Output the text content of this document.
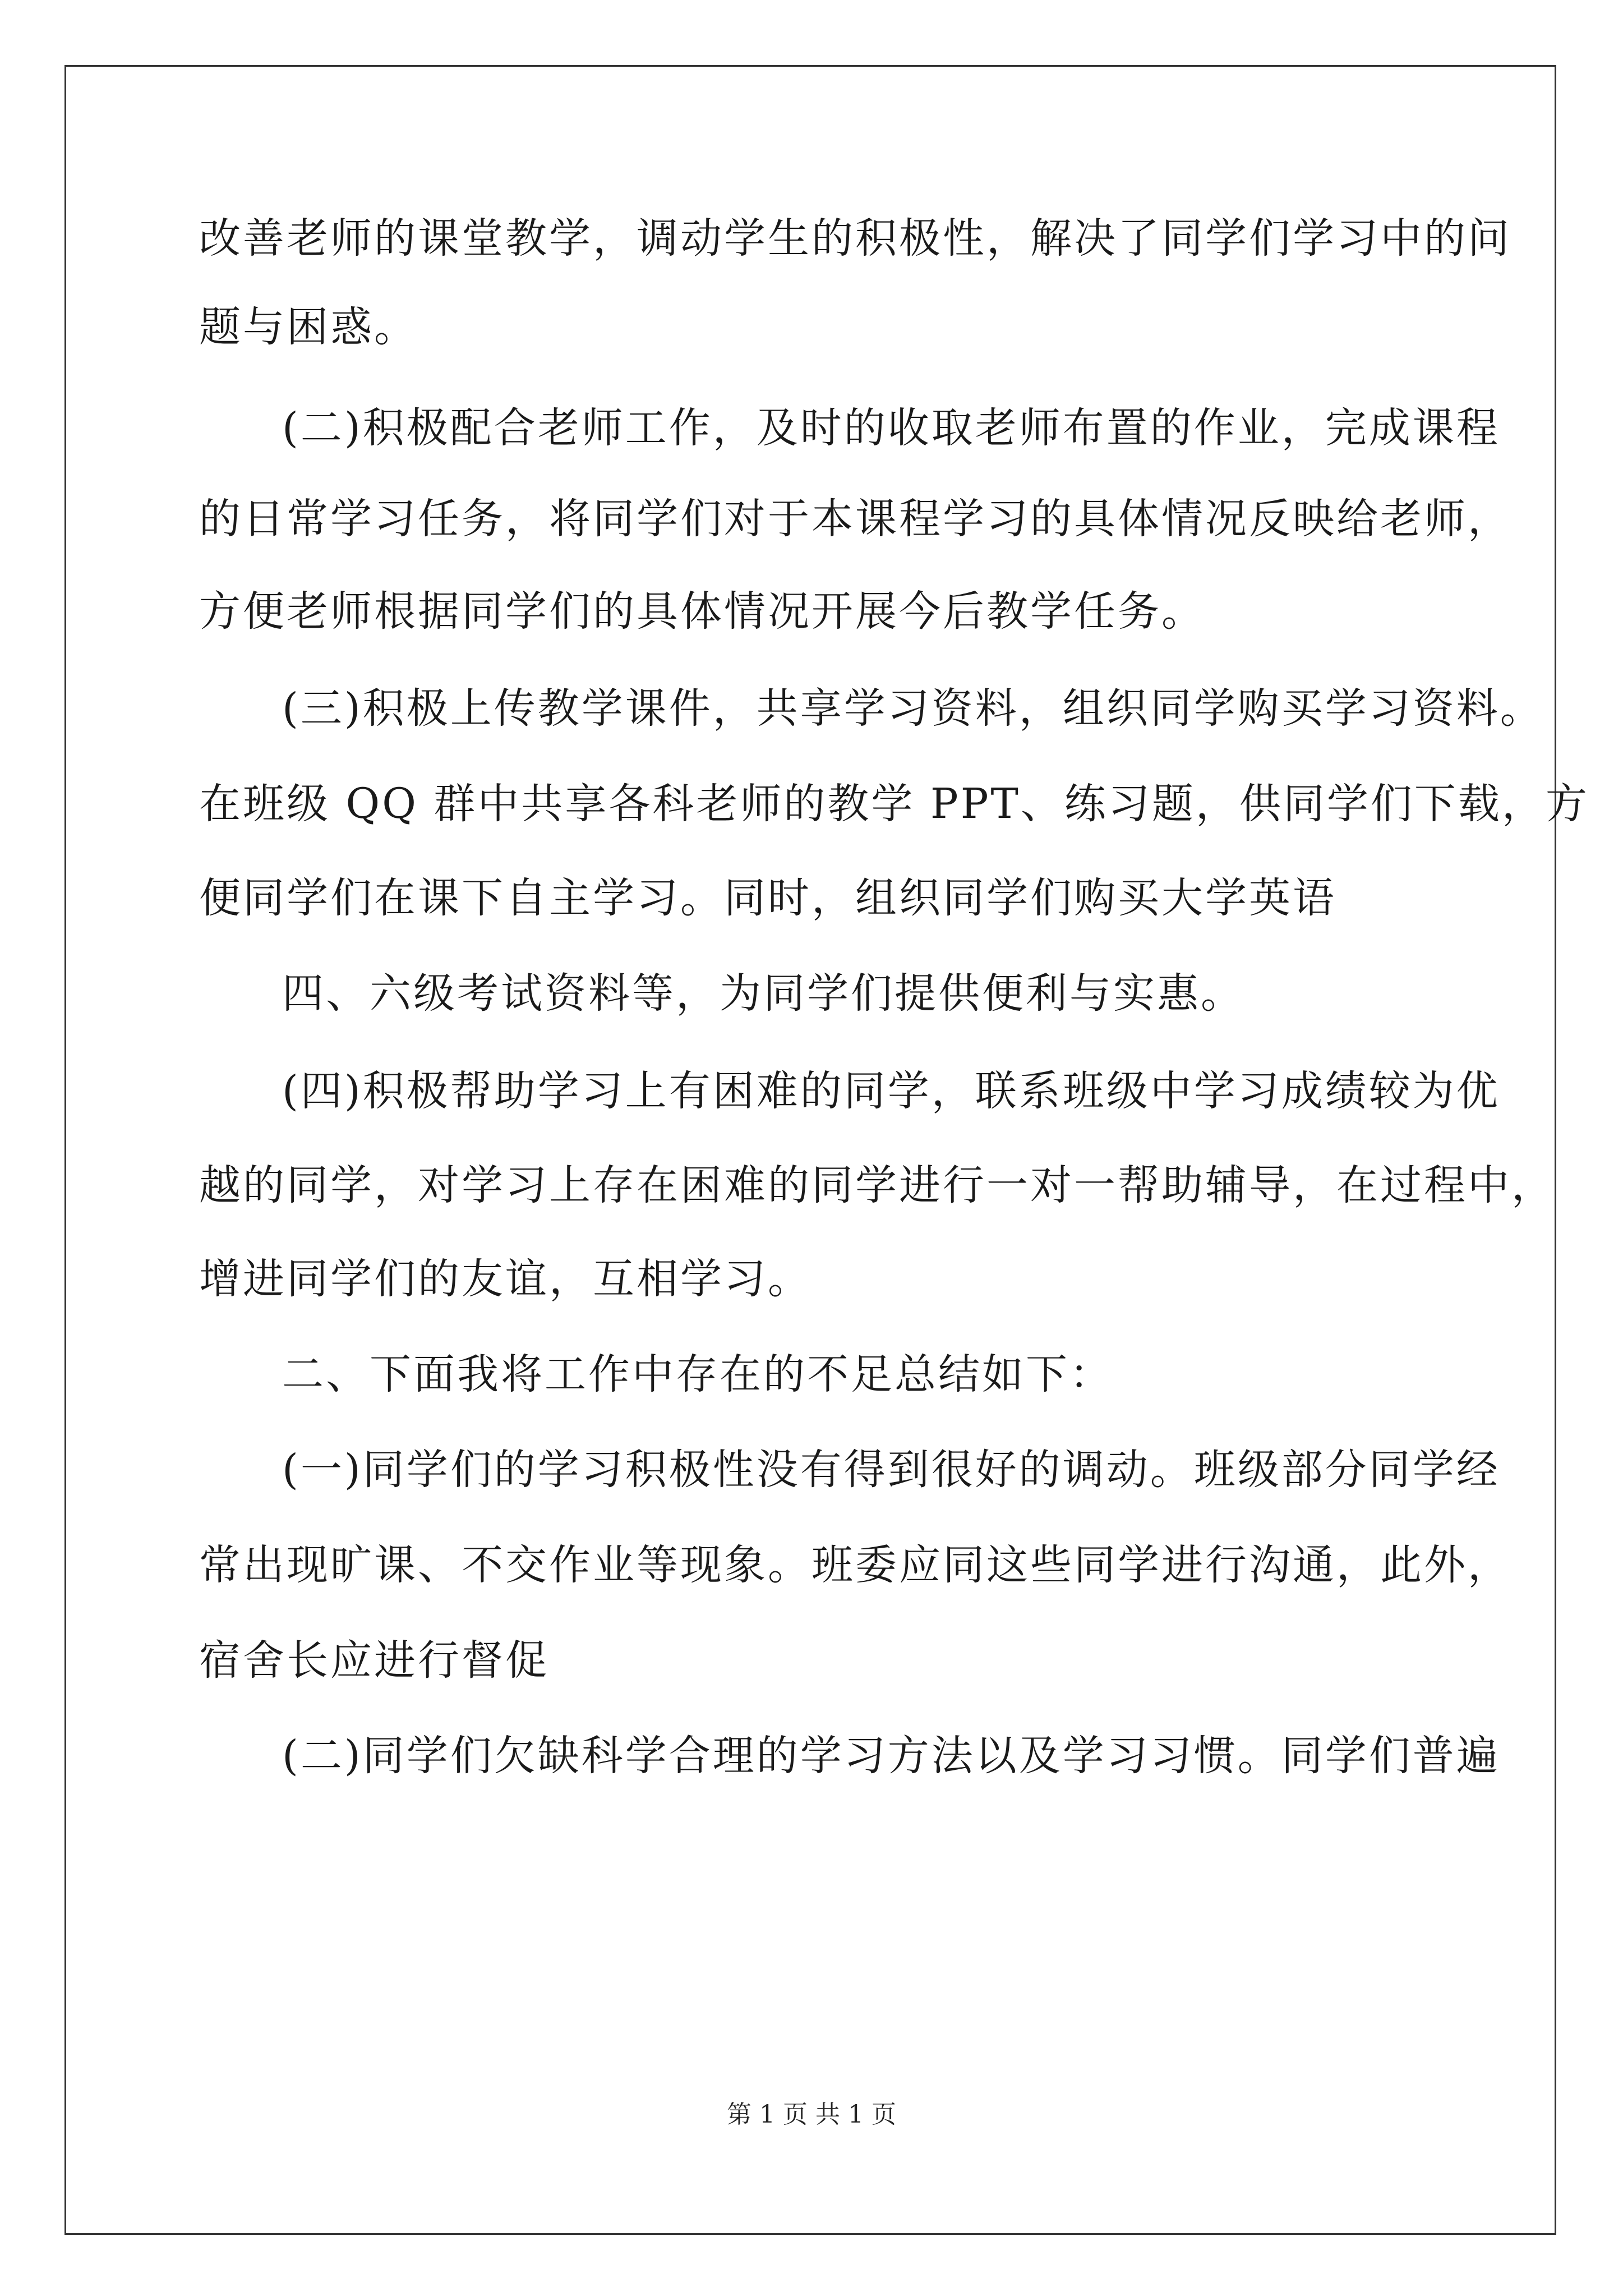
改善老师的课堂教学，调动学生的积极性，解决了同学们学习中的问
题与困惑。
(二)积极配合老师工作，及时的收取老师布置的作业，完成课程
的日常学习任务，将同学们对于本课程学习的具体情况反映给老师，
方便老师根据同学们的具体情况开展今后教学任务。
(三)积极上传教学课件，共享学习资料，组织同学购买学习资料。
在班级 QQ 群中共享各科老师的教学 PPT、练习题，供同学们下载，方
便同学们在课下自主学习。同时，组织同学们购买大学英语
四、六级考试资料等，为同学们提供便利与实惠。
(四)积极帮助学习上有困难的同学，联系班级中学习成绩较为优
越的同学，对学习上存在困难的同学进行一对一帮助辅导，在过程中，
增进同学们的友谊，互相学习。
二、下面我将工作中存在的不足总结如下：
(一)同学们的学习积极性没有得到很好的调动。班级部分同学经
常出现旷课、不交作业等现象。班委应同这些同学进行沟通，此外，
宿舍长应进行督促
(二)同学们欠缺科学合理的学习方法以及学习习惯。同学们普遍
第 1 页 共 1 页
